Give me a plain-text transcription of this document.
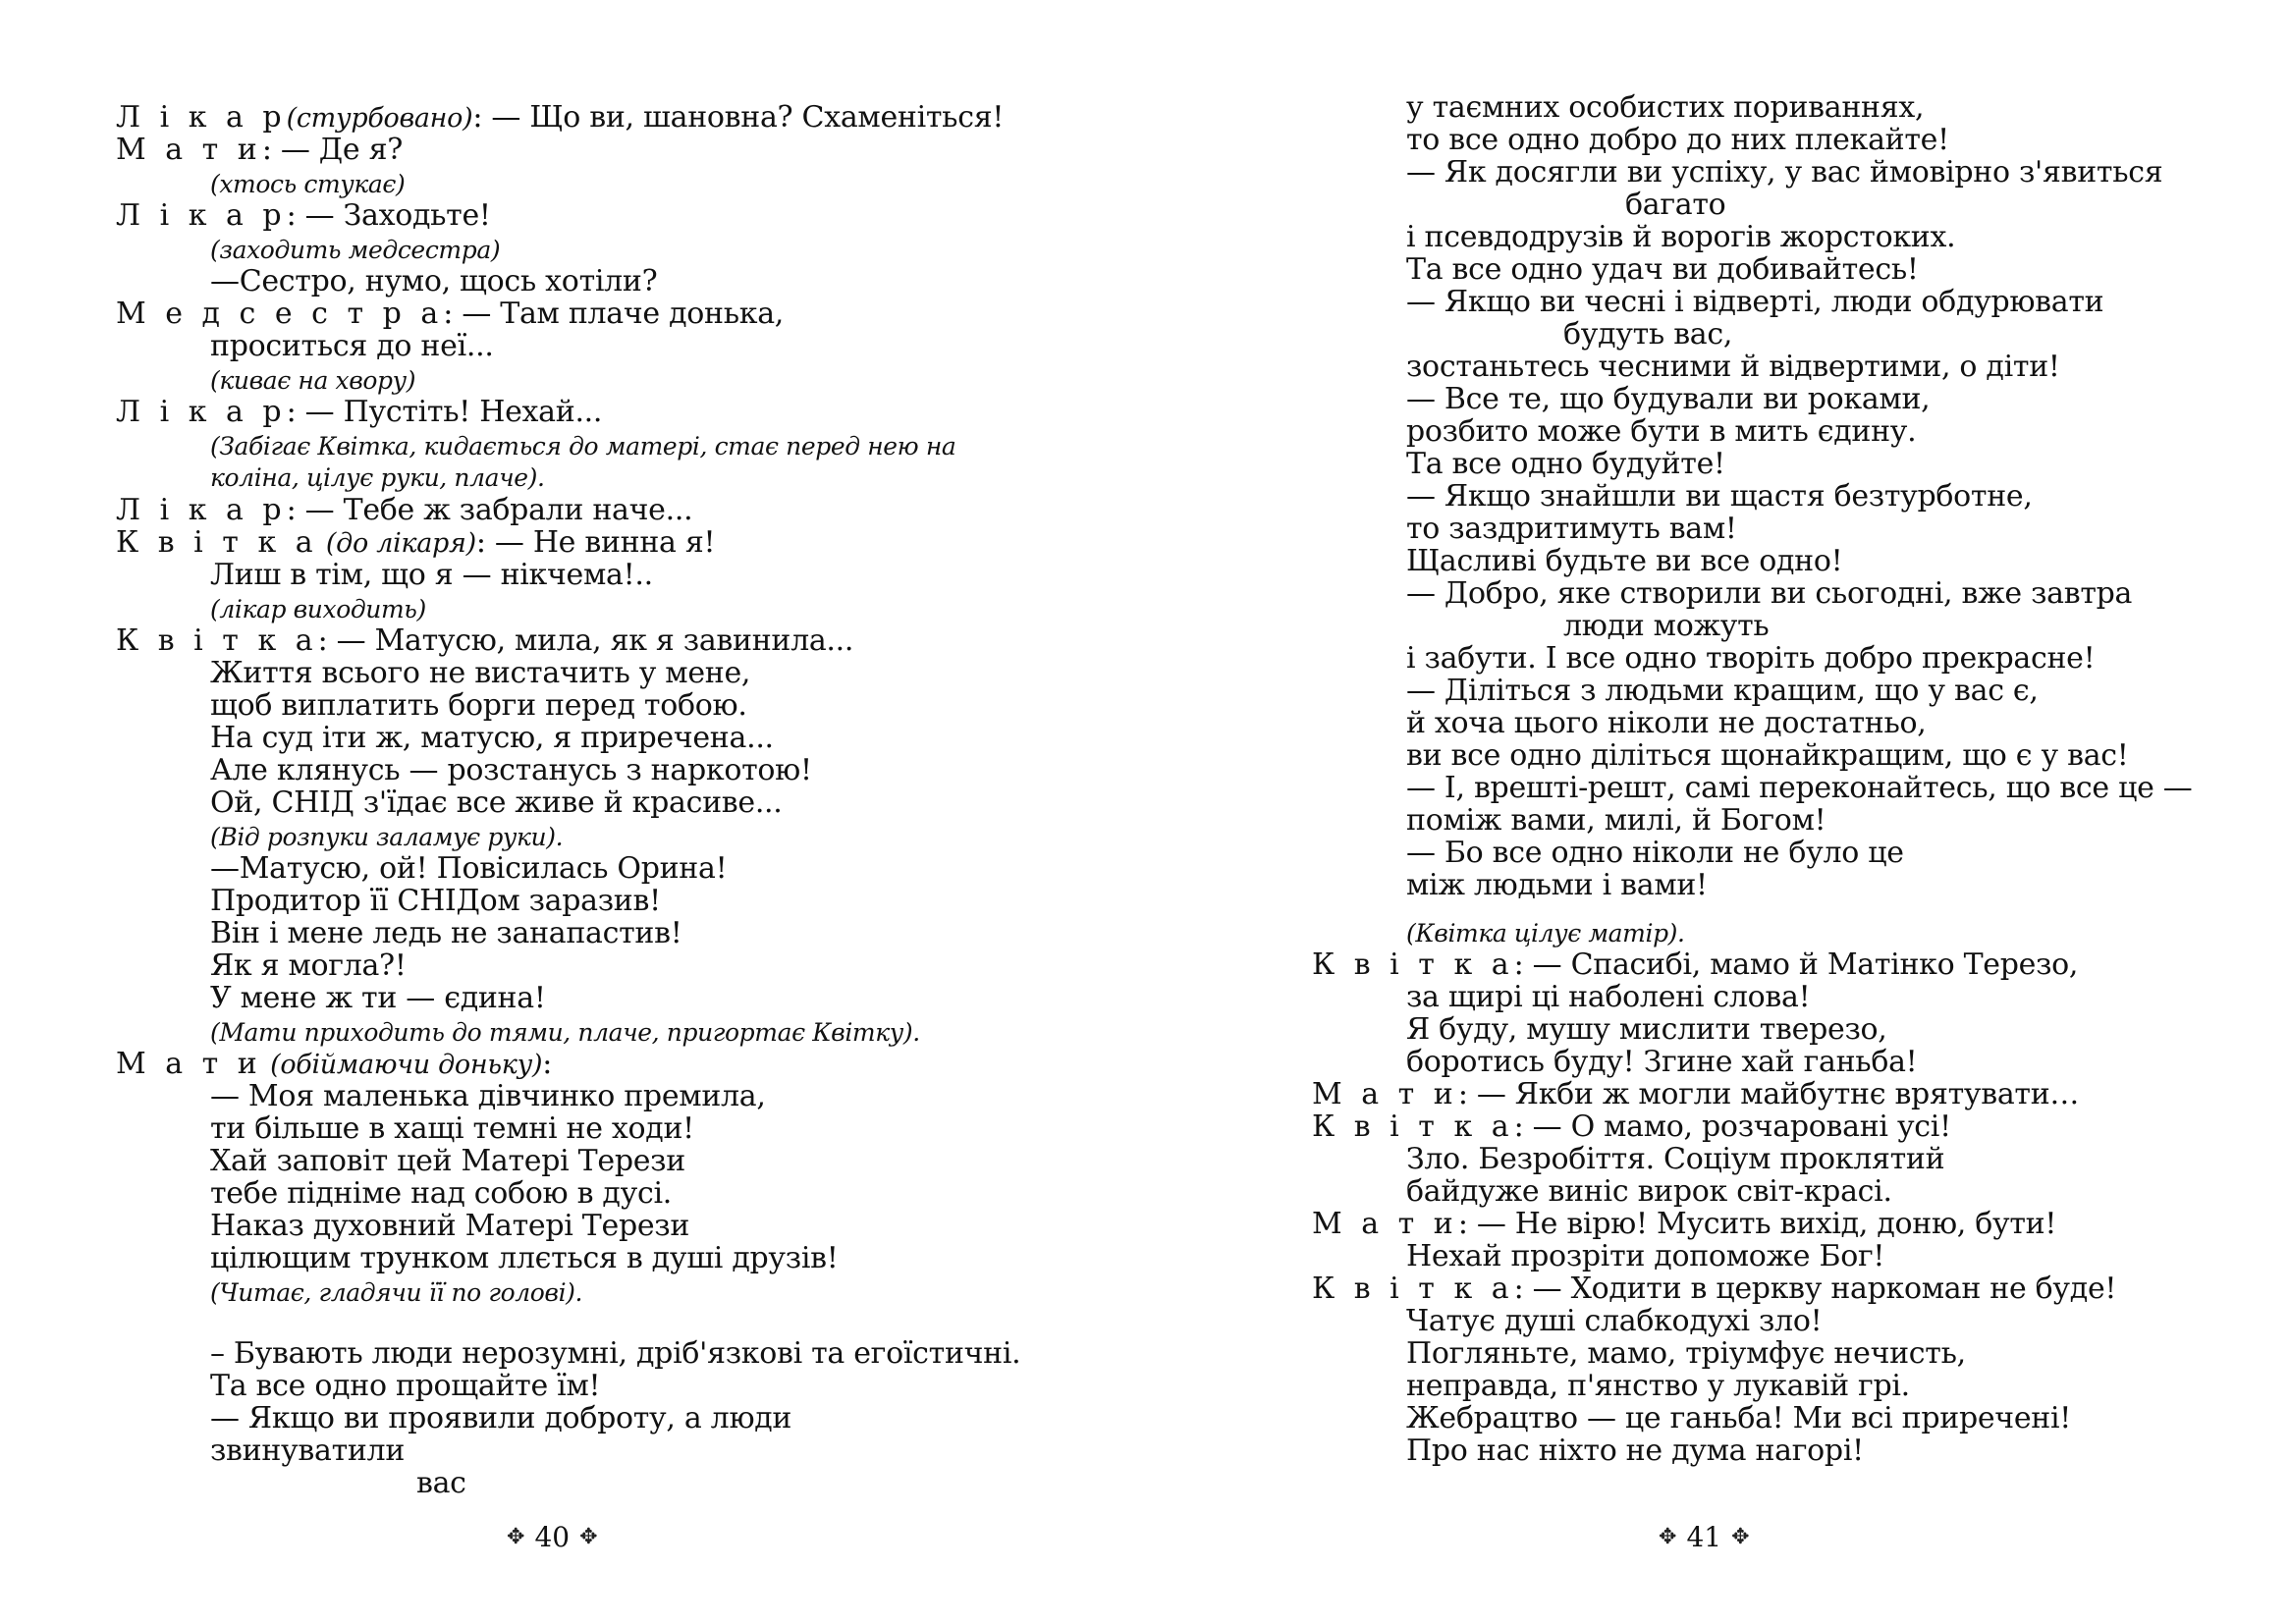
Л і к а р(стурбовано): — Що ви, шановна? Схаменіться!
М а т и: — Де я?
(хтось стукає)
Л і к а р: — Заходьте!
(заходить медсестра)
—Сестро, нумо, щось хотіли?
М е д с е с т р а: — Там плаче донька,
проситься до неї...
(киває на хвору)
Л і к а р: — Пустіть! Нехай...
(Забігає Квітка, кидається до матері, стає перед нею на
коліна, цілує руки, плаче).
Л і к а р: — Тебе ж забрали наче...
К в і т к а (до лікаря): — Не винна я!
Лиш в тім, що я — нікчема!..
(лікар виходить)
К в і т к а: — Матусю, мила, як я завинила...
Життя всього не вистачить у мене,
щоб виплатить борги перед тобою.
На суд іти ж, матусю, я приречена...
Але клянусь — розстанусь з наркотою!
Ой, СНІД з'їдає все живе й красиве...
(Від розпуки заламує руки).
—Матусю, ой! Повісилась Орина!
Продитор її СНІДом заразив!
Він і мене ледь не занапастив!
Як я могла?!
У мене ж ти — єдина!
(Мати приходить до тями, плаче, пригортає Квітку).
М а т и (обіймаючи доньку):
— Моя маленька дівчинко премила,
ти більше в хащі темні не ходи!
Хай заповіт цей Матері Терези
тебе підніме над собою в дусі.
Наказ духовний Матері Терези
цілющим трунком ллється в душі друзів!
(Читає, гладячи її по голові).
– Бувають люди нерозумні, дріб'язкові та егоїстичні.
Та все одно прощайте їм!
— Якщо ви проявили доброту, а люди
звинуватили
вас
✥ 40 ✥
у таємних особистих пориваннях,
то все одно добро до них плекайте!
— Як досягли ви успіху, у вас ймовірно з'явиться
багато
і псевдодрузів й ворогів жорстоких.
Та все одно удач ви добивайтесь!
— Якщо ви чесні і відверті, люди обдурювати
будуть вас,
зостаньтесь чесними й відвертими, о діти!
— Все те, що будували ви роками,
розбито може бути в мить єдину.
Та все одно будуйте!
— Якщо знайшли ви щастя безтурботне,
то заздритимуть вам!
Щасливі будьте ви все одно!
— Добро, яке створили ви сьогодні, вже завтра
люди можуть
і забути. І все одно творіть добро прекрасне!
— Діліться з людьми кращим, що у вас є,
й хоча цього ніколи не достатньо,
ви все одно діліться щонайкращим, що є у вас!
— І, врешті-решт, самі переконайтесь, що все це —
поміж вами, милі, й Богом!
— Бо все одно ніколи не було це
між людьми і вами!
(Квітка цілує матір).
К в і т к а: — Спасибі, мамо й Матінко Терезо,
за щирі ці наболені слова!
Я буду, мушу мислити тверезо,
боротись буду! Згине хай ганьба!
М а т и: — Якби ж могли майбутнє врятувати…
К в і т к а: — О мамо, розчаровані усі!
Зло. Безробіття. Соціум проклятий
байдуже виніс вирок світ-красі.
М а т и: — Не вірю! Мусить вихід, доню, бути!
Нехай прозріти допоможе Бог!
К в і т к а: — Ходити в церкву наркоман не буде!
Чатує душі слабкодухі зло!
Погляньте, мамо, тріумфує нечисть,
неправда, п'янство у лукавій грі.
Жебрацтво — це ганьба! Ми всі приречені!
Про нас ніхто не дума нагорі!
✥ 41 ✥
